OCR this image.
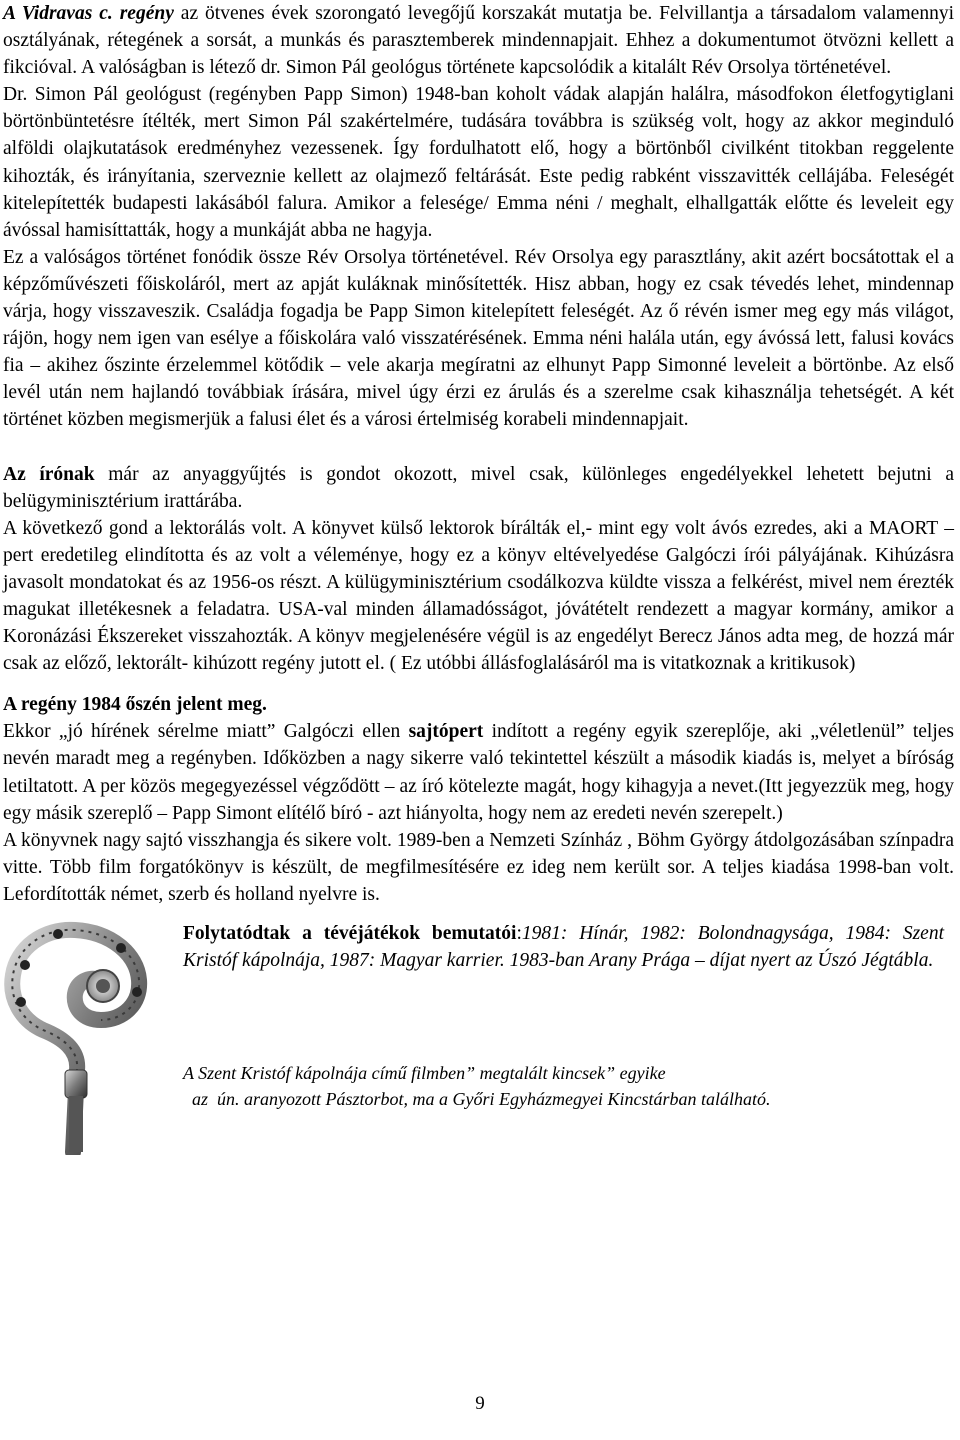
A Vidravas c. regény az ötvenes évek szorongató levegőjű korszakát mutatja be. Felvillantja a társadalom valamennyi osztályának, rétegének a sorsát, a munkás és parasztemberek mindennapjait. Ehhez a dokumentumot ötvözni kellett a fikcióval. A valóságban is létező dr. Simon Pál geológus története kapcsolódik a kitalált Rév Orsolya történetével.

Dr. Simon Pál geológust (regényben Papp Simon) 1948-ban koholt vádak alapján halálra, másodfokon életfogytiglani börtönbüntetésre ítélték, mert Simon Pál szakértelmére, tudására továbbra is szükség volt, hogy az akkor meginduló alföldi olajkutatások eredményhez vezessenek. Így fordulhatott elő, hogy a börtönből civilként titokban reggelente kihozták, és irányítania, szerveznie kellett az olajmező feltárását. Este pedig rabként visszavitték cellájába. Feleségét kitelepítették budapesti lakásából falura. Amikor a felesége/ Emma néni / meghalt, elhallgatták előtte és leveleit egy ávóssal hamisíttatták, hogy a munkáját abba ne hagyja.

Ez a valóságos történet fonódik össze Rév Orsolya történetével. Rév Orsolya egy parasztlány, akit azért bocsátottak el a képzőművészeti főiskoláról, mert az apját kuláknak minősítették. Hisz abban, hogy ez csak tévedés lehet, mindennap várja, hogy visszaveszik. Családja fogadja be Papp Simon kitelepített feleségét. Az ő révén ismer meg egy más világot, rájön, hogy nem igen van esélye a főiskolára való visszatérésének. Emma néni halála után, egy ávóssá lett, falusi kovács fia – akihez őszinte érzelemmel kötődik – vele akarja megíratni az elhunyt Papp Simonné leveleit a börtönbe. Az első levél után nem hajlandó továbbiak írására, mivel úgy érzi ez árulás és a szerelme csak kihasználja tehetségét. A két történet közben megismerjük a falusi élet és a városi értelmiség korabeli mindennapjait.

Az írónak már az anyaggyűjtés is gondot okozott, mivel csak, különleges engedélyekkel lehetett bejutni a belügyminisztérium irattárába.

A következő gond a lektorálás volt. A könyvet külső lektorok bírálták el,- mint egy volt ávós ezredes, aki a MAORT –pert eredetileg elindította és az volt a véleménye, hogy ez a könyv eltévelyedése Galgóczi írói pályájának. Kihúzásra javasolt mondatokat és az 1956-os részt. A külügyminisztérium csodálkozva küldte vissza a felkérést, mivel nem érezték magukat illetékesnek a feladatra. USA-val minden államadósságot, jóvátételt rendezett a magyar kormány, amikor a Koronázási Ékszereket visszahozták. A könyv megjelenésére végül is az engedélyt Berecz János adta meg, de hozzá már csak az előző, lektorált- kihúzott regény jutott el. ( Ez utóbbi állásfoglalásáról ma is vitatkoznak a kritikusok)

A regény 1984 őszén jelent meg.

Ekkor „jó hírének sérelme miatt” Galgóczi ellen sajtópert indított a regény egyik szereplője, aki „véletlenül” teljes nevén maradt meg a regényben. Időközben a nagy sikerre való tekintettel készült a második kiadás is, melyet a bíróság letiltatott. A per közös megegyezéssel végződött – az író kötelezte magát, hogy kihagyja a nevet.(Itt jegyezzük meg, hogy egy másik szereplő – Papp Simont elítélő bíró - azt hiányolta, hogy nem az eredeti nevén szerepelt.)

A könyvnek nagy sajtó visszhangja és sikere volt. 1989-ben a Nemzeti Színház , Böhm György átdolgozásában színpadra vitte. Több film forgatókönyv is készült, de megfilmesítésére ez ideg nem került sor. A teljes kiadása 1998-ban volt. Lefordították német, szerb és holland nyelvre is.

Folytatódtak a tévéjátékok bemutatói:1981: Hínár, 1982: Bolondnagysága, 1984: Szent Kristóf kápolnája, 1987: Magyar karrier. 1983-ban Arany Prága – díjat nyert az Úszó Jégtábla.

A Szent Kristóf kápolnája című filmben” megtalált kincsek” egyike

az  ún. aranyozott Pásztorbot, ma a Győri Egyházmegyei Kincstárban található.

9
